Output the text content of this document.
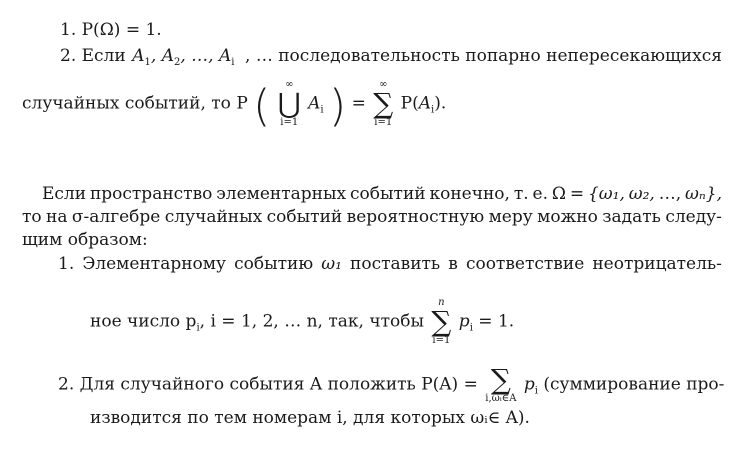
1. P(Ω) = 1.
2. Если $A_1$, $A_2$, …, $A_i$ , … последовательность попарно непересекающихся
случайных событий, то P (	∞
⋃
i=1
$A_i$ ) =
∞
∑
i=1
$P(A_i)$.
Если пространство элементарных событий конечно, т. е. Ω = {ω₁, ω₂, …, ωₙ},
то на σ-алгебре случайных событий вероятностную меру можно задать следу-
щим образом:
1. Элементарному событию ω₁ поставить в соответствие неотрицатель-
ное число $p_i$, i = 1, 2, … n, так, чтобы
n
∑
i=1
$p_i = 1$.
2. Для случайного события A положить P(A) = ∑
i,ωᵢ∈A
$p_i$ (суммирование про-
изводится по тем номерам i, для которых ωᵢ∈ A).
